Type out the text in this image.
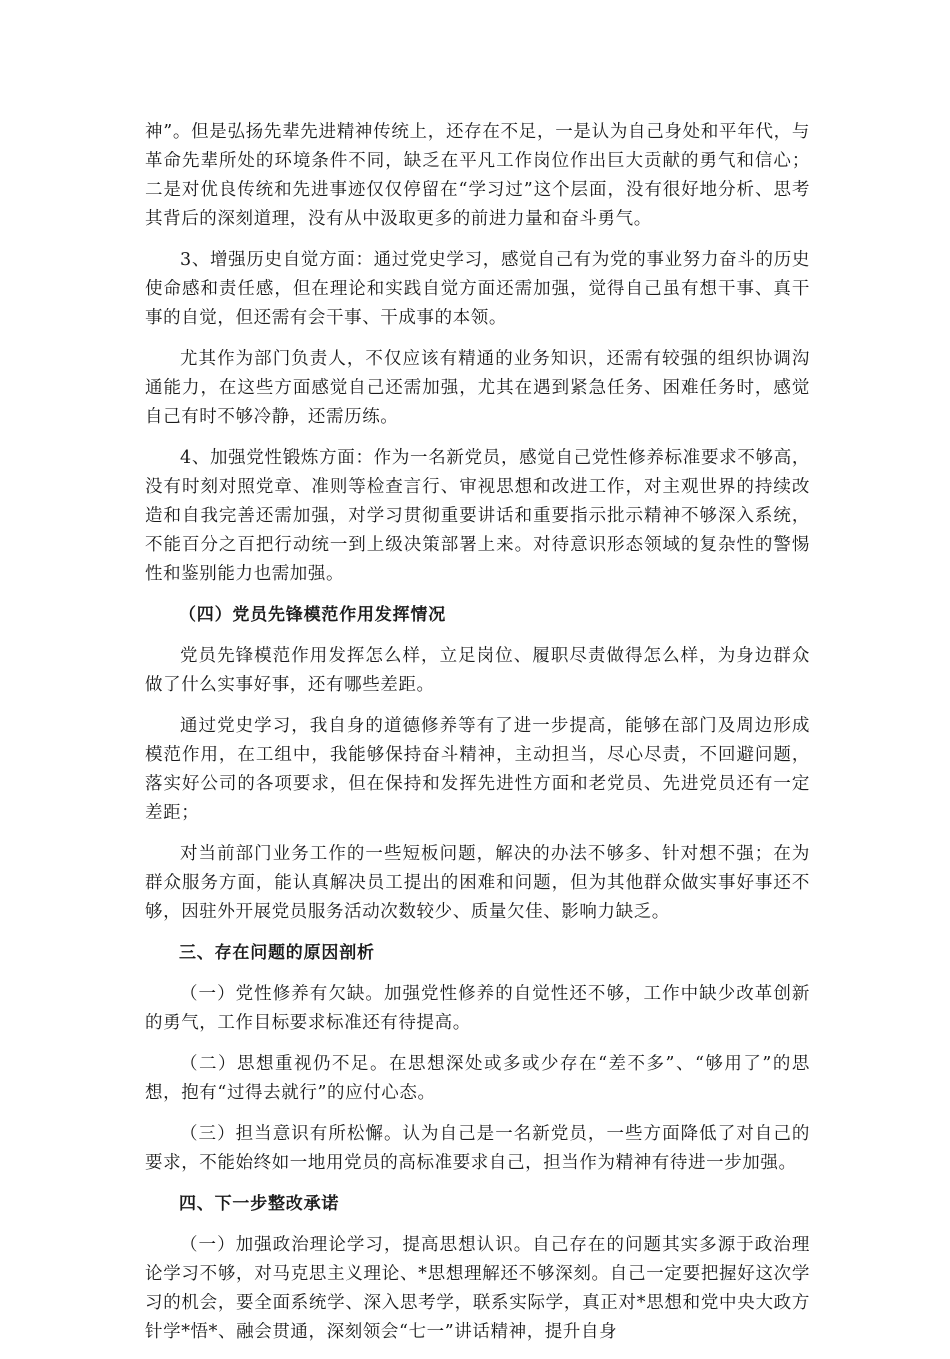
神”。但是弘扬先辈先进精神传统上，还存在不足，一是认为自己身处和平年代，与革命先辈所处的环境条件不同，缺乏在平凡工作岗位作出巨大贡献的勇气和信心；二是对优良传统和先进事迹仅仅停留在“学习过”这个层面，没有很好地分析、思考其背后的深刻道理，没有从中汲取更多的前进力量和奋斗勇气。

3、增强历史自觉方面：通过党史学习，感觉自己有为党的事业努力奋斗的历史使命感和责任感，但在理论和实践自觉方面还需加强，觉得自己虽有想干事、真干事的自觉，但还需有会干事、干成事的本领。

尤其作为部门负责人，不仅应该有精通的业务知识，还需有较强的组织协调沟通能力，在这些方面感觉自己还需加强，尤其在遇到紧急任务、困难任务时，感觉自己有时不够冷静，还需历练。

4、加强党性锻炼方面：作为一名新党员，感觉自己党性修养标准要求不够高，没有时刻对照党章、准则等检查言行、审视思想和改进工作，对主观世界的持续改造和自我完善还需加强，对学习贯彻重要讲话和重要指示批示精神不够深入系统，不能百分之百把行动统一到上级决策部署上来。对待意识形态领域的复杂性的警惕性和鉴别能力也需加强。

（四）党员先锋模范作用发挥情况

党员先锋模范作用发挥怎么样，立足岗位、履职尽责做得怎么样，为身边群众做了什么实事好事，还有哪些差距。

通过党史学习，我自身的道德修养等有了进一步提高，能够在部门及周边形成模范作用，在工组中，我能够保持奋斗精神，主动担当，尽心尽责，不回避问题，落实好公司的各项要求，但在保持和发挥先进性方面和老党员、先进党员还有一定差距；

对当前部门业务工作的一些短板问题，解决的办法不够多、针对想不强；在为群众服务方面，能认真解决员工提出的困难和问题，但为其他群众做实事好事还不够，因驻外开展党员服务活动次数较少、质量欠佳、影响力缺乏。

三、存在问题的原因剖析

（一）党性修养有欠缺。加强党性修养的自觉性还不够，工作中缺少改革创新的勇气，工作目标要求标准还有待提高。

（二）思想重视仍不足。在思想深处或多或少存在“差不多”、“够用了”的思想，抱有“过得去就行”的应付心态。

（三）担当意识有所松懈。认为自己是一名新党员，一些方面降低了对自己的要求，不能始终如一地用党员的高标准要求自己，担当作为精神有待进一步加强。

四、下一步整改承诺

（一）加强政治理论学习，提高思想认识。自己存在的问题其实多源于政治理论学习不够，对马克思主义理论、*思想理解还不够深刻。自己一定要把握好这次学习的机会，要全面系统学、深入思考学，联系实际学，真正对*思想和党中央大政方针学*悟*、融会贯通，深刻领会“七一”讲话精神，提升自身
